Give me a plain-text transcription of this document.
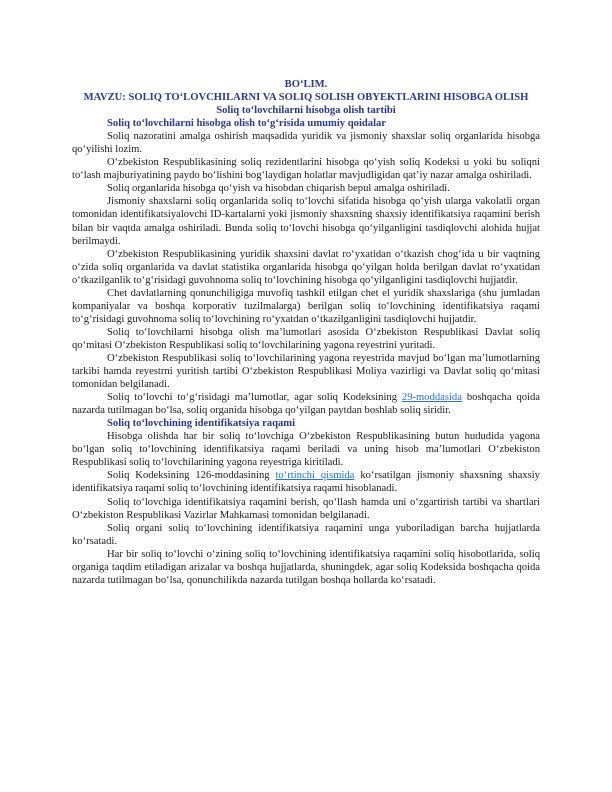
BO‘LIM.
MAVZU: SOLIQ TO‘LOVCHILARNI VA SOLIQ SOLISH OBYEKTLARINI HISOBGA OLISH
Soliq to‘lovchilarni hisobga olish tartibi

Soliq to‘lovchilarni hisobga olish to‘g‘risida umumiy qoidalar

Soliq nazoratini amalga oshirish maqsadida yuridik va jismoniy shaxslar soliq organlarida hisobga qo‘yilishi lozim.

O‘zbekiston Respublikasining soliq rezidentlarini hisobga qo‘yish soliq Kodeksi u yoki bu soliqni to‘lash majburiyatining paydo bo‘lishini bog‘laydigan holatlar mavjudligidan qat’iy nazar amalga oshiriladi.

Soliq organlarida hisobga qo‘yish va hisobdan chiqarish bepul amalga oshiriladi.

Jismoniy shaxslarni soliq organlarida soliq to‘lovchi sifatida hisobga qo‘yish ularga vakolatli organ tomonidan identifikatsiyalovchi ID-kartalarni yoki jismoniy shaxsning shaxsiy identifikatsiya raqamini berish bilan bir vaqtda amalga oshiriladi. Bunda soliq to‘lovchi hisobga qo‘yilganligini tasdiqlovchi alohida hujjat berilmaydi.

O‘zbekiston Respublikasining yuridik shaxsini davlat ro‘yxatidan o‘tkazish chog‘ida u bir vaqtning o‘zida soliq organlarida va davlat statistika organlarida hisobga qo‘yilgan holda berilgan davlat ro‘yxatidan o‘tkazilganlik to‘g‘risidagi guvohnoma soliq to‘lovchining hisobga qo‘yilganligini tasdiqlovchi hujjatdir.

Chet davlatlarning qonunchiligiga muvofiq tashkil etilgan chet el yuridik shaxslariga (shu jumladan kompaniyalar va boshqa korporativ tuzilmalarga) berilgan soliq to‘lovchining identifikatsiya raqami to‘g‘risidagi guvohnoma soliq to‘lovchining ro‘yxatdan o‘tkazilganligini tasdiqlovchi hujjatdir.

Soliq to‘lovchilarni hisobga olish ma’lumotlari asosida O‘zbekiston Respublikasi Davlat soliq qo‘mitasi O‘zbekiston Respublikasi soliq to‘lovchilarining yagona reyestrini yuritadi.

O‘zbekiston Respublikasi soliq to‘lovchilarining yagona reyestrida mavjud bo‘lgan ma’lumotlarning tarkibi hamda reyestrni yuritish tartibi O‘zbekiston Respublikasi Moliya vazirligi va Davlat soliq qo‘mitasi tomonidan belgilanadi.

Soliq to‘lovchi to‘g‘risidagi ma’lumotlar, agar soliq Kodeksining 29-moddasida boshqacha qoida nazarda tutilmagan bo‘lsa, soliq organida hisobga qo‘yilgan paytdan boshlab soliq siridir.

Soliq to‘lovchining identifikatsiya raqami

Hisobga olishda har bir soliq to‘lovchiga O‘zbekiston Respublikasining butun hududida yagona bo‘lgan soliq to‘lovchining identifikatsiya raqami beriladi va uning hisob ma’lumotlari O‘zbekiston Respublikasi soliq to‘lovchilarining yagona reyestriga kiritiladi.

Soliq Kodeksining 126-moddasining to‘rtinchi qismida ko‘rsatilgan jismoniy shaxsning shaxsiy identifikatsiya raqami soliq to‘lovchining identifikatsiya raqami hisoblanadi.

Soliq to‘lovchiga identifikatsiya raqamini berish, qo‘llash hamda uni o‘zgartirish tartibi va shartlari O‘zbekiston Respublikasi Vazirlar Mahkamasi tomonidan belgilanadi.

Soliq organi soliq to‘lovchining identifikatsiya raqamini unga yuboriladigan barcha hujjatlarda ko‘rsatadi.

Har bir soliq to‘lovchi o‘zining soliq to‘lovchining identifikatsiya raqamini soliq hisobotlarida, soliq organiga taqdim etiladigan arizalar va boshqa hujjatlarda, shuningdek, agar soliq Kodeksida boshqacha qoida nazarda tutilmagan bo‘lsa, qonunchilikda nazarda tutilgan boshqa hollarda ko‘rsatadi.
